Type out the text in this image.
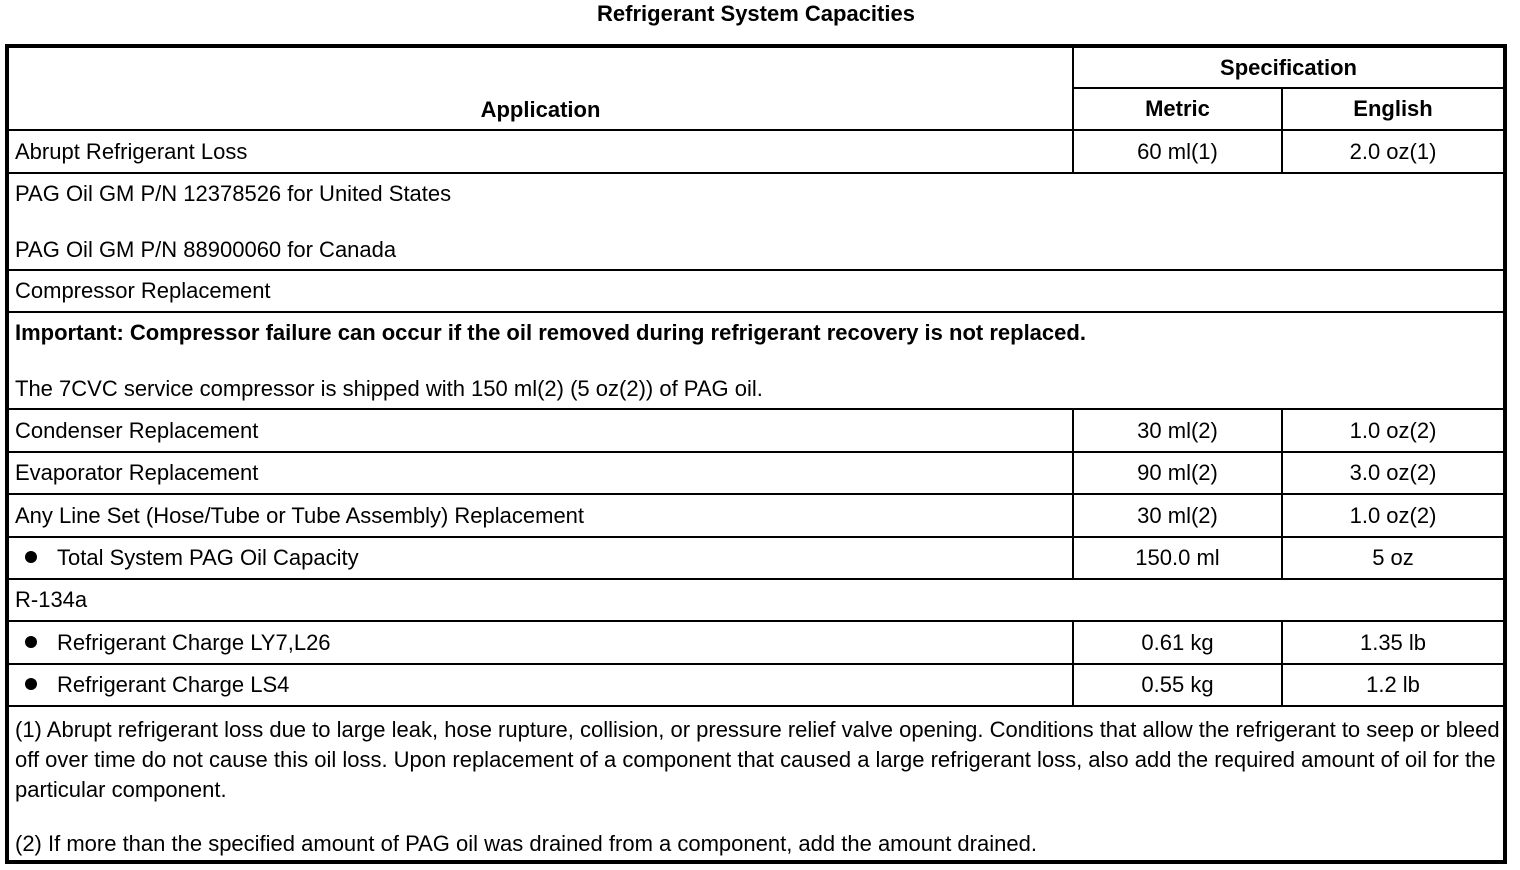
Refrigerant System Capacities
Application	Specification	
	Metric	English
Abrupt Refrigerant Loss	60 ml(1)	2.0 oz(1)

PAG Oil GM P/N 12378526 for United States
PAG Oil GM P/N 88900060 for Canada		

Compressor Replacement		

Important: Compressor failure can occur if the oil removed during refrigerant recovery is not replaced.
The 7CVC service compressor is shipped with 150 ml(2) (5 oz(2)) of PAG oil.		

Condenser Replacement	30 ml(2)	1.0 oz(2)
Evaporator Replacement	90 ml(2)	3.0 oz(2)
Any Line Set (Hose/Tube or Tube Assembly) Replacement	30 ml(2)	1.0 oz(2)
Total System PAG Oil Capacity	150.0 ml	5 oz
R-134a		
Refrigerant Charge LY7,L26	0.61 kg	1.35 lb
Refrigerant Charge LS4	0.55 kg	1.2 lb

(1) Abrupt refrigerant loss due to large leak, hose rupture, collision, or pressure relief valve opening. Conditions that allow the refrigerant to seep or bleed off over time do not cause this oil loss. Upon replacement of a component that caused a large refrigerant loss, also add the required amount of oil for the particular component.
(2) If more than the specified amount of PAG oil was drained from a component, add the amount drained.		
